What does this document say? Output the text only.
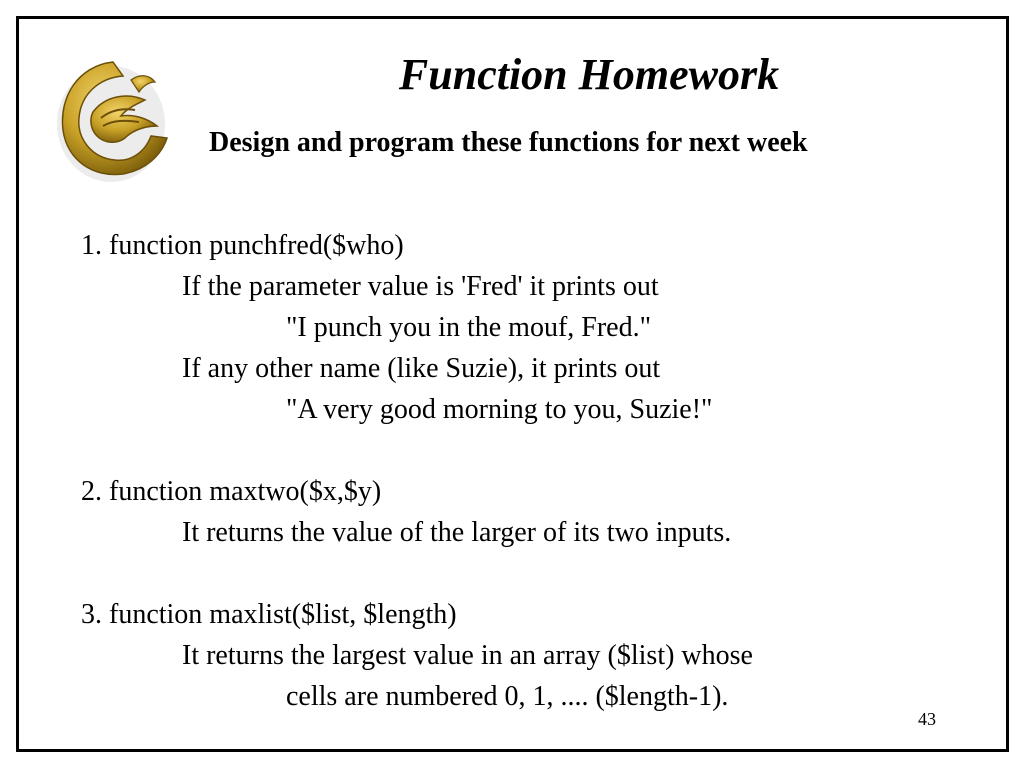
Function Homework
Design and program these functions for next week
1. function punchfred($who)
If the parameter value is 'Fred' it prints out
"I punch you in the mouf, Fred."
If any other name (like Suzie), it prints out
"A very good morning to you, Suzie!"
2. function maxtwo($x,$y)
It returns the value of the larger of its two inputs.
3. function maxlist($list, $length)
It returns the largest value in an array ($list) whose
cells are numbered 0, 1, .... ($length-1).
43
